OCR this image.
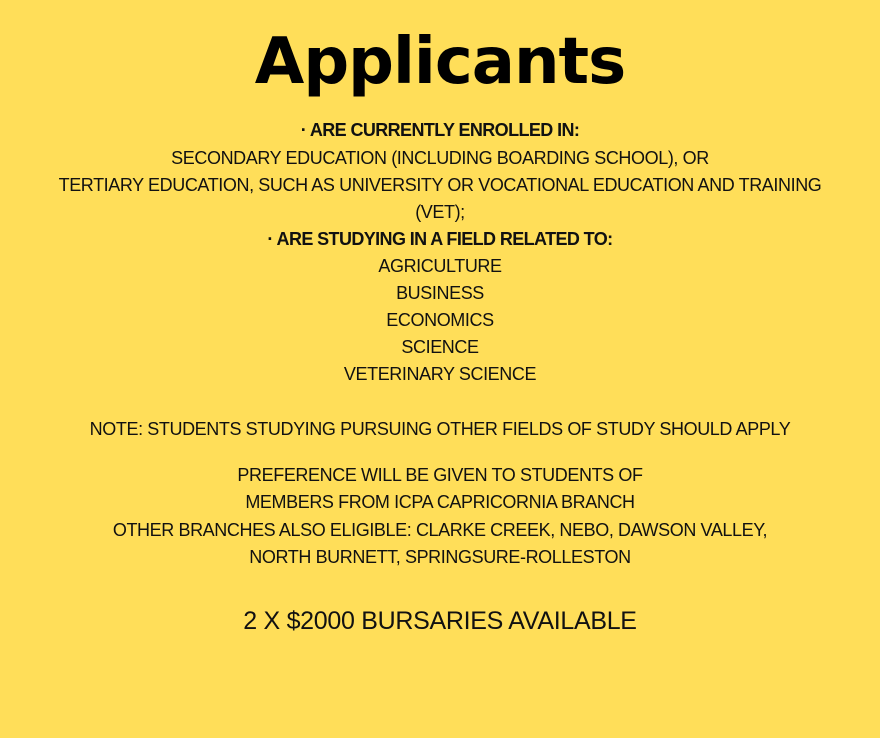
Applicants
· ARE CURRENTLY ENROLLED IN:
SECONDARY EDUCATION (INCLUDING BOARDING SCHOOL), OR
TERTIARY EDUCATION, SUCH AS UNIVERSITY OR VOCATIONAL EDUCATION AND TRAINING
(VET);
· ARE STUDYING IN A FIELD RELATED TO:
AGRICULTURE
BUSINESS
ECONOMICS
SCIENCE
VETERINARY SCIENCE
NOTE: STUDENTS STUDYING PURSUING OTHER FIELDS OF STUDY SHOULD APPLY
PREFERENCE WILL BE GIVEN TO STUDENTS OF
MEMBERS FROM ICPA CAPRICORNIA BRANCH
OTHER BRANCHES ALSO ELIGIBLE: CLARKE CREEK, NEBO, DAWSON VALLEY,
NORTH BURNETT, SPRINGSURE-ROLLESTON
2 X $2000 BURSARIES AVAILABLE
